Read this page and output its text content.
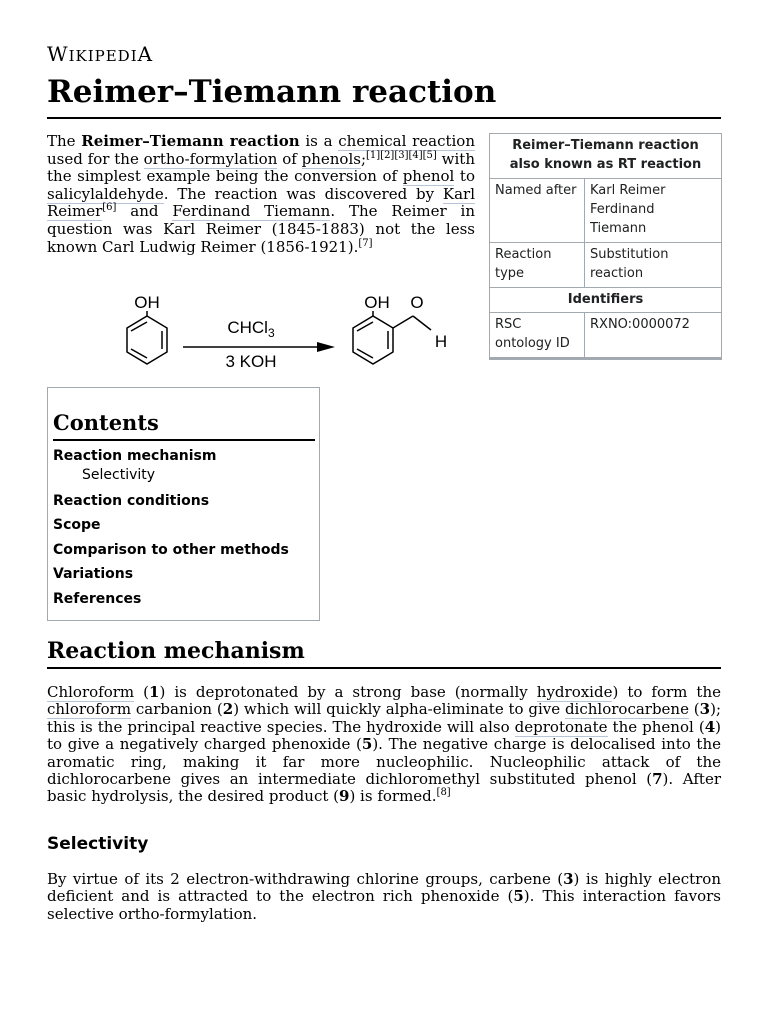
WIKIPEDIA
Reimer–Tiemann reaction
The Reimer–Tiemann reaction is a chemical reaction used for the ortho-formylation of phenols;[1][2][3][4][5] with the simplest example being the conversion of phenol to salicylaldehyde. The reaction was discovered by Karl Reimer[6] and Ferdinand Tiemann. The Reimer in question was Karl Reimer (1845-1883) not the less known Carl Ludwig Reimer (1856-1921).[7]
Reimer–Tiemann reaction
also known as RT reaction
Named after	Karl Reimer
Ferdinand
Tiemann
Reaction type
Substitution
reaction
Identifiers
RSC ontology ID
RXNO:0000072
OH
CHCl$_3$
3 KOH
OH O
H
Contents
Reaction mechanism
Selectivity
Reaction conditions
Scope
Comparison to other methods
Variations
References
Reaction mechanism
Chloroform (1) is deprotonated by a strong base (normally hydroxide) to form the chloroform carbanion (2) which will quickly alpha-eliminate to give dichlorocarbene (3); this is the principal reactive species. The hydroxide will also deprotonate the phenol (4) to give a negatively charged phenoxide (5). The negative charge is delocalised into the aromatic ring, making it far more nucleophilic. Nucleophilic attack of the dichlorocarbene gives an intermediate dichloromethyl substituted phenol (7). After basic hydrolysis, the desired product (9) is formed.[8]
Selectivity
By virtue of its 2 electron-withdrawing chlorine groups, carbene (3) is highly electron deficient and is attracted to the electron rich phenoxide (5). This interaction favors selective ortho-formylation.
